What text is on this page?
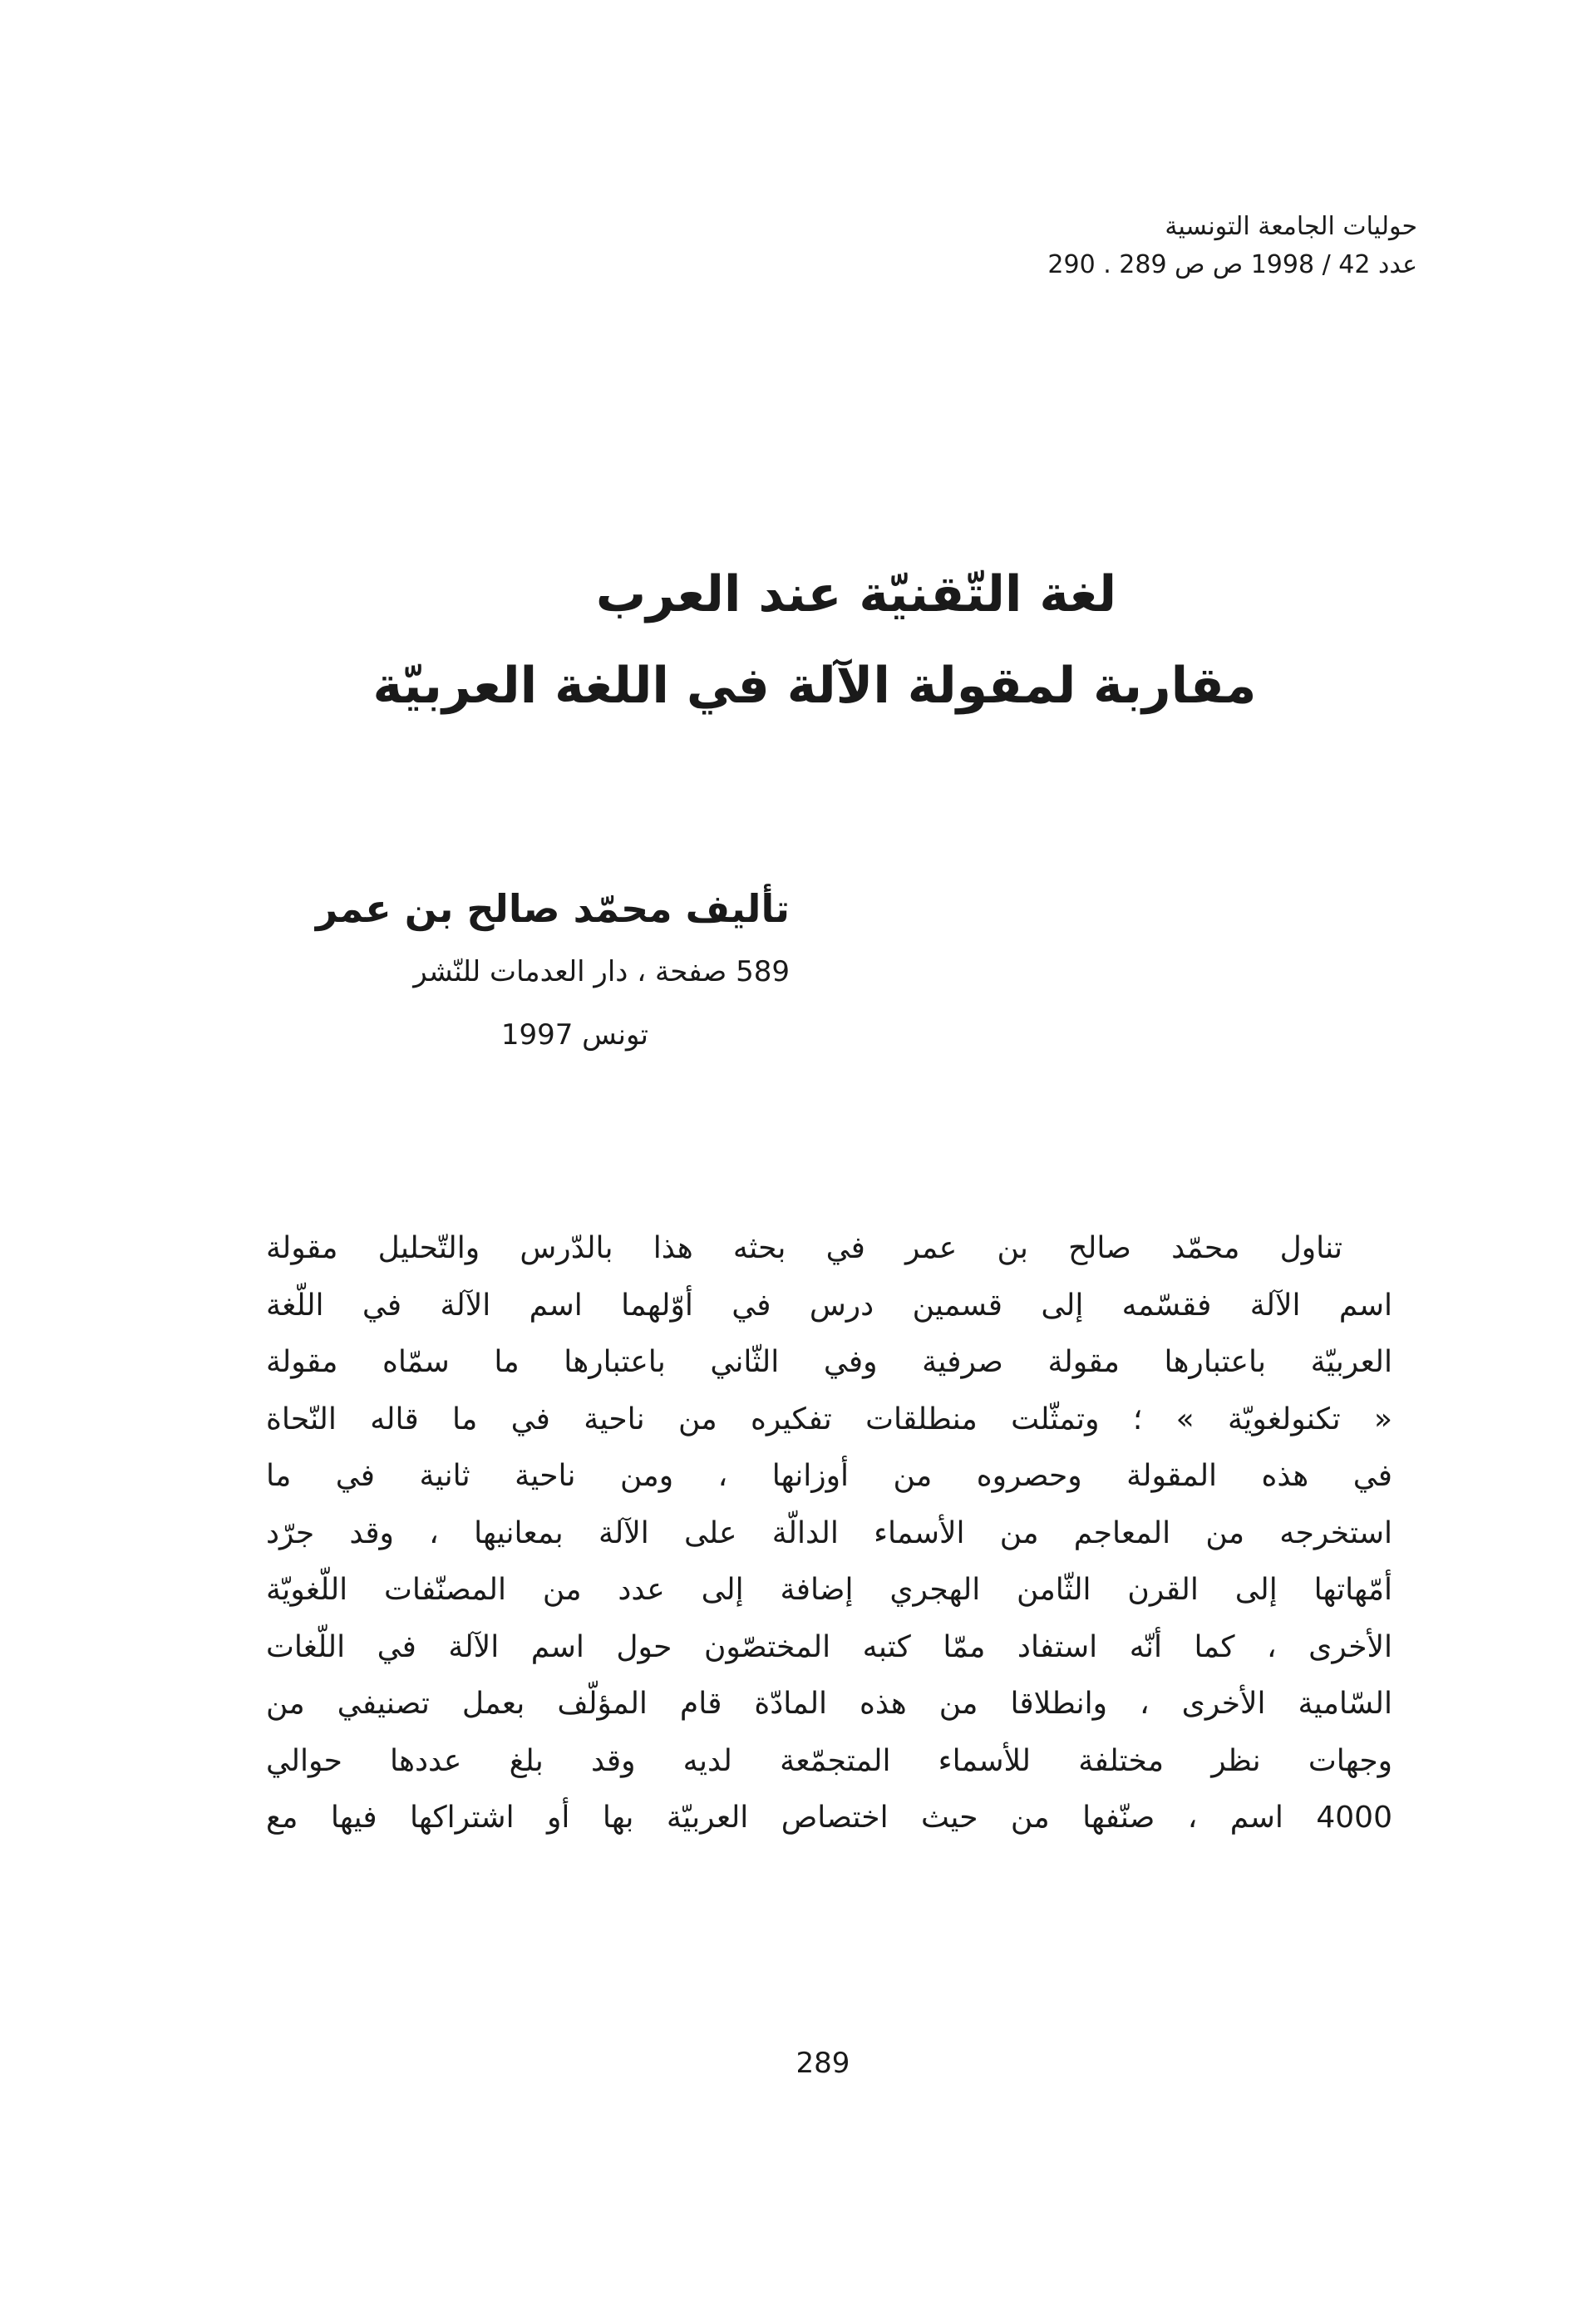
حوليات الجامعة التونسية

عدد 42 / 1998 ص ص 289 . 290

لغة التّقنيّة عند العرب

مقاربة لمقولة الآلة في اللغة العربيّة

تأليف محمّد صالح بن عمر

589 صفحة ، دار العدمات للنّشر

تونس 1997

تناول محمّد صالح بن عمر في بحثه هذا بالدّرس والتّحليل مقولة
اسم الآلة فقسّمه إلى قسمين درس في أوّلهما اسم الآلة في اللّغة
العربيّة باعتبارها مقولة صرفية وفي الثّاني باعتبارها ما سمّاه مقولة
« تكنولغويّة » ؛ وتمثّلت منطلقات تفكيره من ناحية في ما قاله النّحاة
في هذه المقولة وحصروه من أوزانها ، ومن ناحية ثانية في ما
استخرجه من المعاجم من الأسماء الدالّة على الآلة بمعانيها ، وقد جرّد
أمّهاتها إلى القرن الثّامن الهجري إضافة إلى عدد من المصنّفات اللّغويّة
الأخرى ، كما أنّه استفاد ممّا كتبه المختصّون حول اسم الآلة في اللّغات
السّامية الأخرى ، وانطلاقا من هذه المادّة قام المؤلّف بعمل تصنيفي من
وجهات نظر مختلفة للأسماء المتجمّعة لديه وقد بلغ عددها حوالي
4000 اسم ، صنّفها من حيث اختصاص العربيّة بها أو اشتراكها فيها مع

289
